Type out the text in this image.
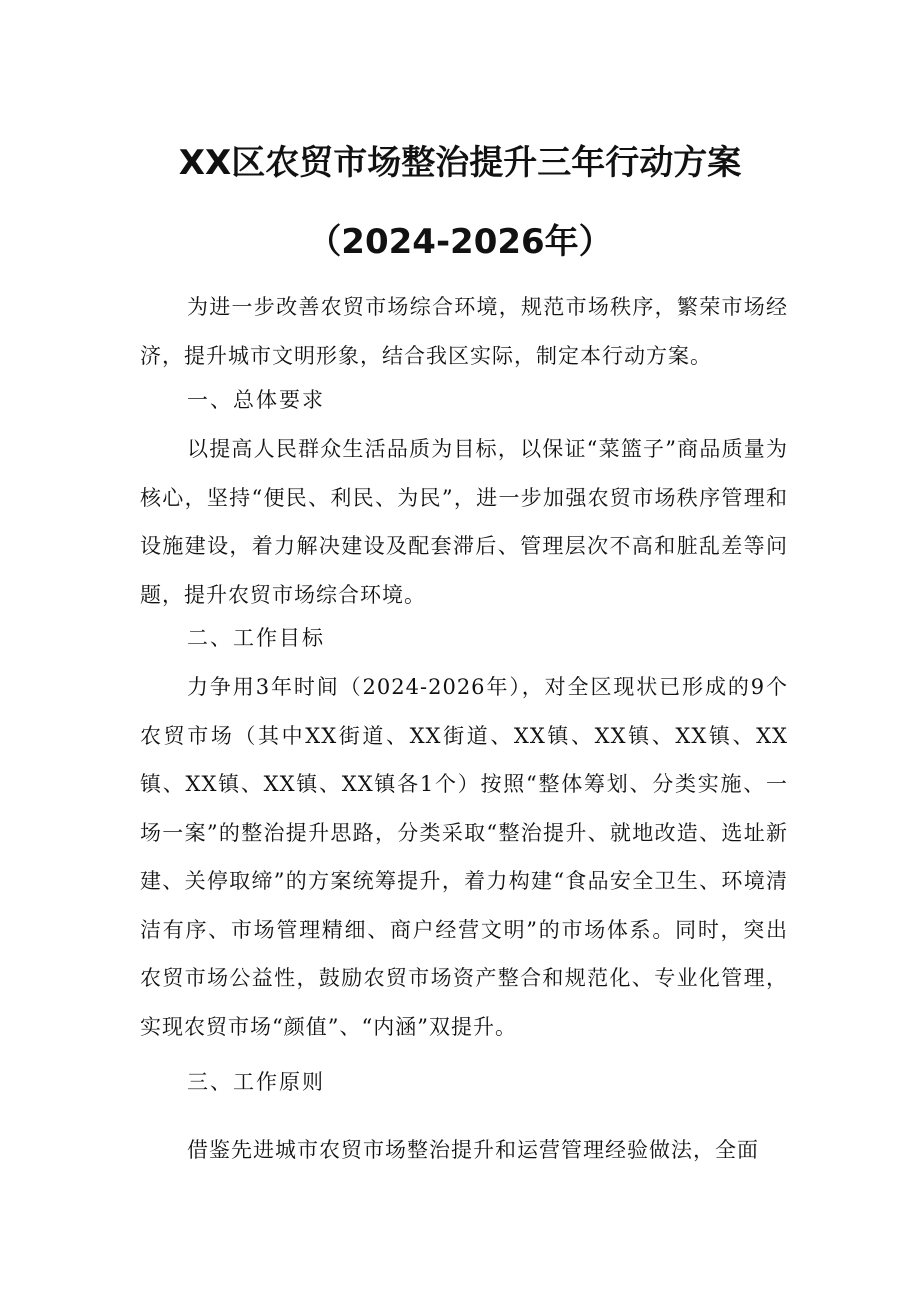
XX区农贸市场整治提升三年行动方案
（2024-2026年）
为进一步改善农贸市场综合环境，规范市场秩序，繁荣市场经济，提升城市文明形象，结合我区实际，制定本行动方案。
一、总体要求
以提高人民群众生活品质为目标，以保证“菜篮子”商品质量为核心，坚持“便民、利民、为民”，进一步加强农贸市场秩序管理和设施建设，着力解决建设及配套滞后、管理层次不高和脏乱差等问题，提升农贸市场综合环境。
二、工作目标
力争用3年时间（2024-2026年），对全区现状已形成的9个农贸市场（其中XX街道、XX街道、XX镇、XX镇、XX镇、XX镇、XX镇、XX镇、XX镇各1个）按照“整体筹划、分类实施、一场一案”的整治提升思路，分类采取“整治提升、就地改造、选址新建、关停取缔”的方案统筹提升，着力构建“食品安全卫生、环境清洁有序、市场管理精细、商户经营文明”的市场体系。同时，突出农贸市场公益性，鼓励农贸市场资产整合和规范化、专业化管理，实现农贸市场“颜值”、“内涵”双提升。
三、工作原则
借鉴先进城市农贸市场整治提升和运营管理经验做法，全面
